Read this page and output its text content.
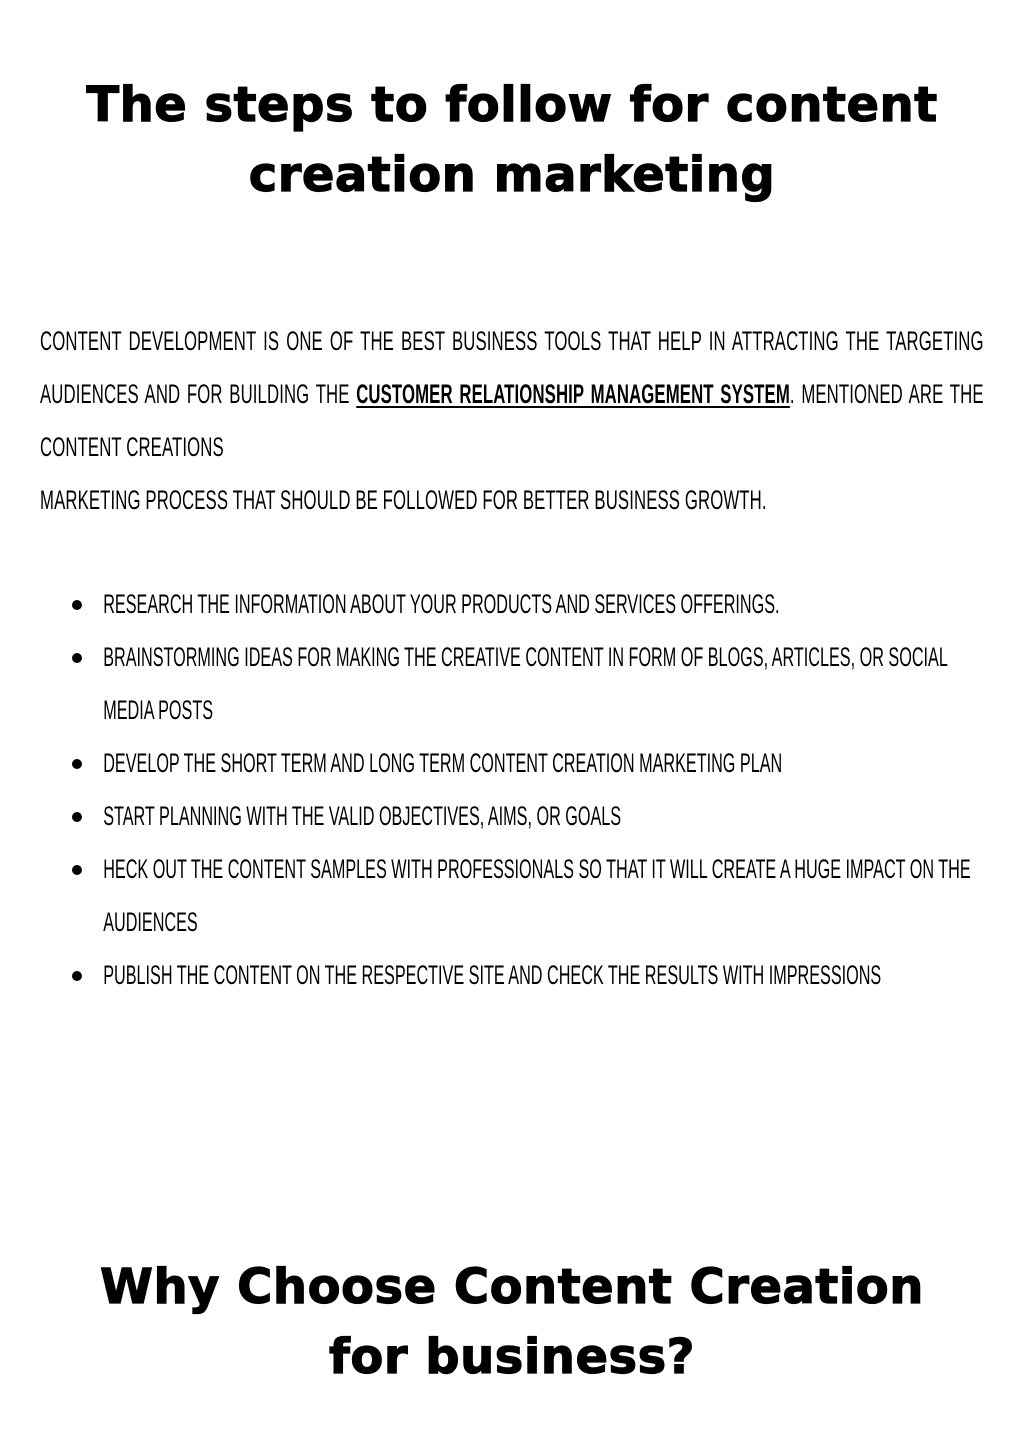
The steps to follow for content
creation marketing

CONTENT DEVELOPMENT IS ONE OF THE BEST BUSINESS TOOLS THAT HELP IN ATTRACTING THE TARGETING AUDIENCES AND FOR BUILDING THE CUSTOMER RELATIONSHIP MANAGEMENT SYSTEM. MENTIONED ARE THE CONTENT CREATIONS
MARKETING PROCESS THAT SHOULD BE FOLLOWED FOR BETTER BUSINESS GROWTH.

RESEARCH THE INFORMATION ABOUT YOUR PRODUCTS AND SERVICES OFFERINGS.
BRAINSTORMING IDEAS FOR MAKING THE CREATIVE CONTENT IN FORM OF BLOGS, ARTICLES, OR SOCIAL MEDIA POSTS
DEVELOP THE SHORT TERM AND LONG TERM CONTENT CREATION MARKETING PLAN
START PLANNING WITH THE VALID OBJECTIVES, AIMS, OR GOALS
HECK OUT THE CONTENT SAMPLES WITH PROFESSIONALS SO THAT IT WILL CREATE A HUGE IMPACT ON THE AUDIENCES
PUBLISH THE CONTENT ON THE RESPECTIVE SITE AND CHECK THE RESULTS WITH IMPRESSIONS
Why Choose Content Creation
for business?
